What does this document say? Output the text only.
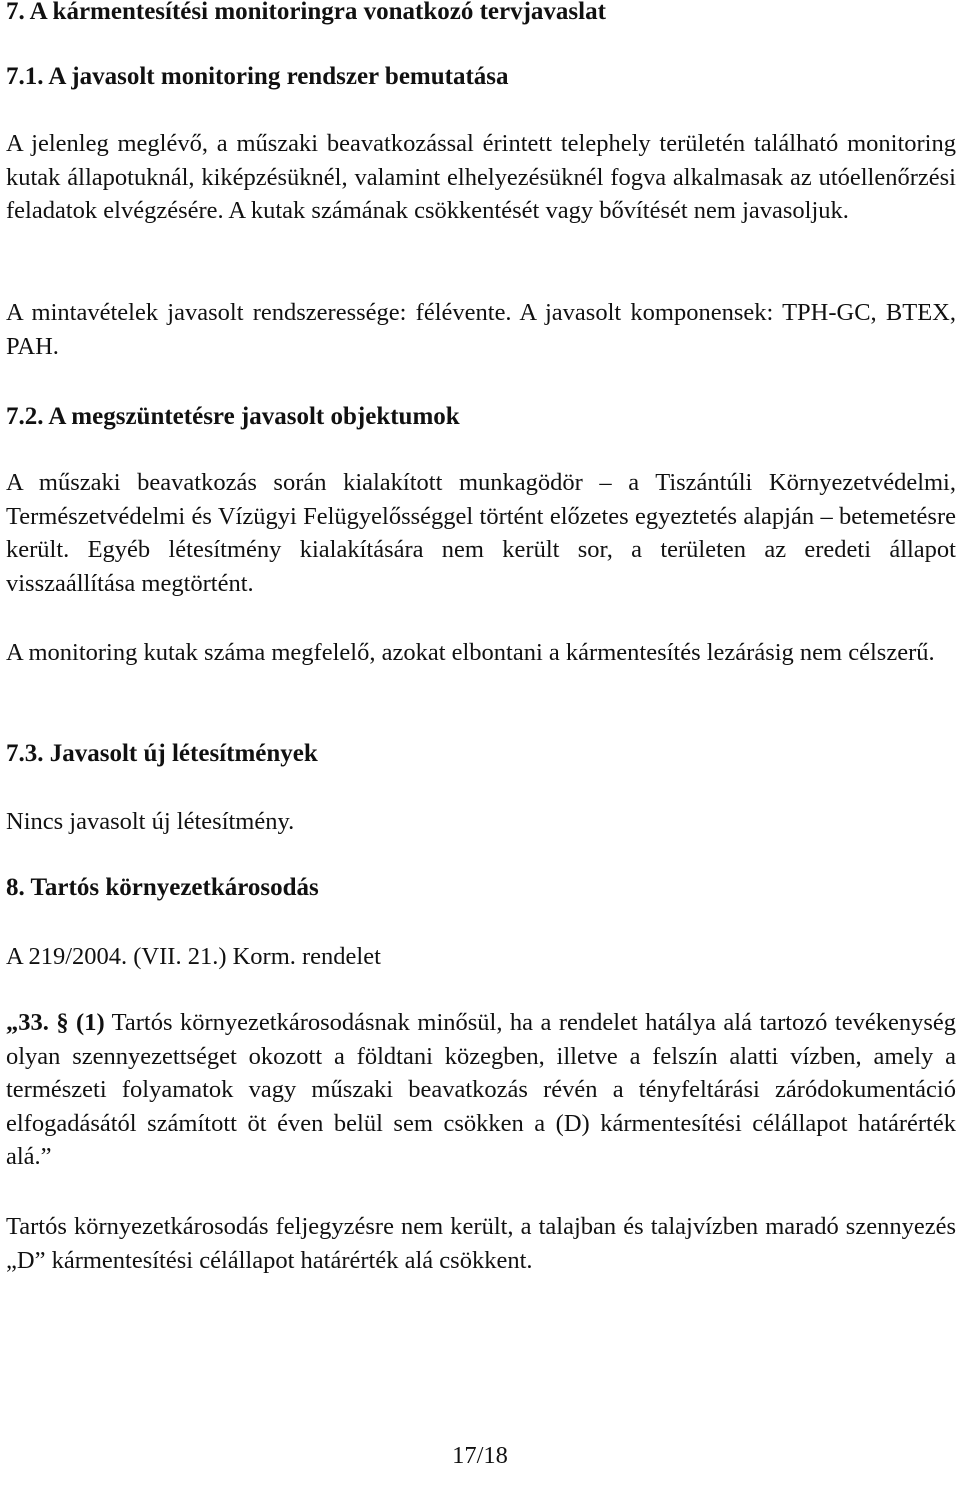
7. A kármentesítési monitoringra vonatkozó tervjavaslat
7.1. A javasolt monitoring rendszer bemutatása

A jelenleg meglévő, a műszaki beavatkozással érintett telephely területén található monitoring kutak állapotuknál, kiképzésüknél, valamint elhelyezésüknél fogva alkalmasak az utóellenőrzési feladatok elvégzésére. A kutak számának csökkentését vagy bővítését nem javasoljuk.

A mintavételek javasolt rendszeressége: félévente. A javasolt komponensek: TPH-GC, BTEX, PAH.

7.2. A megszüntetésre javasolt objektumok

A műszaki beavatkozás során kialakított munkagödör – a Tiszántúli Környezetvédelmi, Természetvédelmi és Vízügyi Felügyelősséggel történt előzetes egyeztetés alapján – betemetésre került. Egyéb létesítmény kialakítására nem került sor, a területen az eredeti állapot visszaállítása megtörtént.

A monitoring kutak száma megfelelő, azokat elbontani a kármentesítés lezárásig nem célszerű.

7.3. Javasolt új létesítmények

Nincs javasolt új létesítmény.

8. Tartós környezetkárosodás

A 219/2004. (VII. 21.) Korm. rendelet

„33. § (1) Tartós környezetkárosodásnak minősül, ha a rendelet hatálya alá tartozó tevékenység olyan szennyezettséget okozott a földtani közegben, illetve a felszín alatti vízben, amely a természeti folyamatok vagy műszaki beavatkozás révén a tényfeltárási záródokumentáció elfogadásától számított öt éven belül sem csökken a (D) kármentesítési célállapot határérték alá.”

Tartós környezetkárosodás feljegyzésre nem került, a talajban és talajvízben maradó szennyezés „D” kármentesítési célállapot határérték alá csökkent.

17/18
